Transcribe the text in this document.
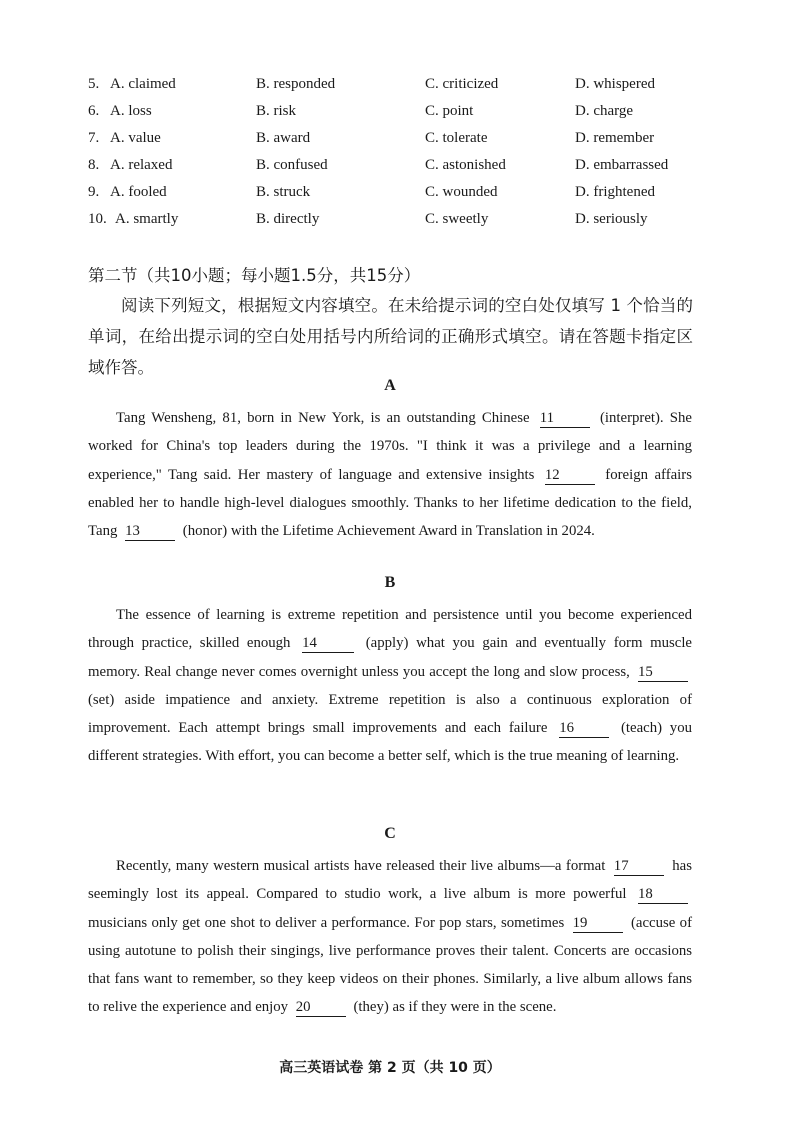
5. A. claimed	B. responded	C. criticized	D. whispered
6. A. loss	B. risk	C. point	D. charge
7. A. value	B. award	C. tolerate	D. remember
8. A. relaxed	B. confused	C. astonished	D. embarrassed
9. A. fooled	B. struck	C. wounded	D. frightened
10. A. smartly	B. directly	C. sweetly	D. seriously
第二节（共10小题；每小题1.5分，共15分）
阅读下列短文，根据短文内容填空。在未给提示词的空白处仅填写 1 个恰当的单词，在给出提示词的空白处用括号内所给词的正确形式填空。请在答题卡指定区域作答。
A
Tang Wensheng, 81, born in New York, is an outstanding Chinese 11	(interpret). She worked for China's top leaders during the 1970s. "I think it was a privilege and a learning experience," Tang said. Her mastery of language and extensive insights 12	foreign affairs enabled her to handle high-level dialogues smoothly. Thanks to her lifetime dedication to the field, Tang 13	(honor) with the Lifetime Achievement Award in Translation in 2024.
B
The essence of learning is extreme repetition and persistence until you become experienced through practice, skilled enough 14	(apply) what you gain and eventually form muscle memory. Real change never comes overnight unless you accept the long and slow process, 15 (set) aside impatience and anxiety. Extreme repetition is also a continuous exploration of improvement. Each attempt brings small improvements and each failure 16	(teach) you different strategies. With effort, you can become a better self, which is the true meaning of learning.
C
Recently, many western musical artists have released their live albums—a format 17	has seemingly lost its appeal. Compared to studio work, a live album is more powerful 18 musicians only get one shot to deliver a performance. For pop stars, sometimes 19	(accuse of using autotune to polish their singings, live performance proves their talent. Concerts are occasions that fans want to remember, so they keep videos on their phones. Similarly, a live album allows fans to relive the experience and enjoy 20	(they) as if they were in the scene.
高三英语试卷 第 2 页（共 10 页）
